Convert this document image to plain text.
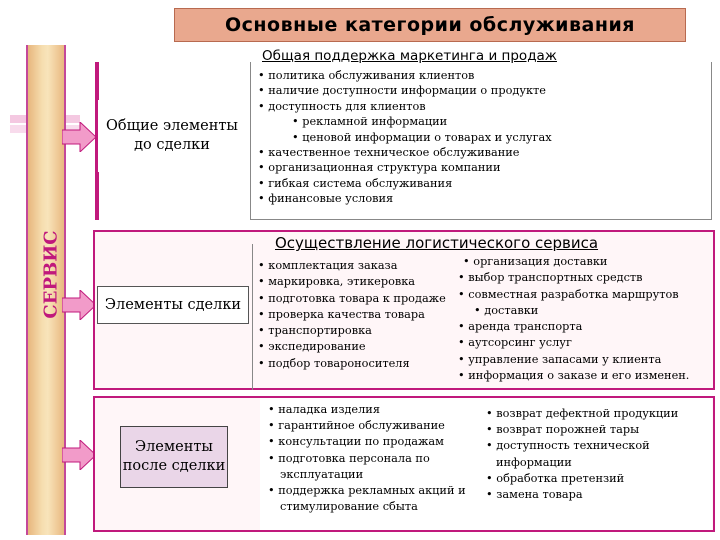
Основные категории обслуживания
СЕРВИС
Общие элементы до сделки
Общая поддержка маркетинга и продаж
• политика обслуживания клиентов
• наличие доступности информации о продукте
• доступность для клиентов
• рекламной информации
• ценовой информации о товарах и услугах
• качественное техническое обслуживание
• организационная структура компании
• гибкая система обслуживания
• финансовые условия
Элементы сделки
Осуществление логистического сервиса
• комплектация заказа
• маркировка, этикеровка
• подготовка товара к продаже
• проверка качества товара
• транспортировка
• экспедирование
• подбор товароносителя
• организация доставки
• выбор транспортных средств
• совместная разработка маршрутов
• доставки
• аренда транспорта
• аутсорсинг услуг
• управление запасами у клиента
• информация о заказе и его изменен.
Элементы после сделки
• наладка изделия
• гарантийное обслуживание
• консультации по продажам
• подготовка персонала по
эксплуатации
• поддержка рекламных акций и
стимулирование сбыта
• возврат дефектной продукции
• возврат порожней тары
• доступность технической
информации
• обработка претензий
• замена товара
